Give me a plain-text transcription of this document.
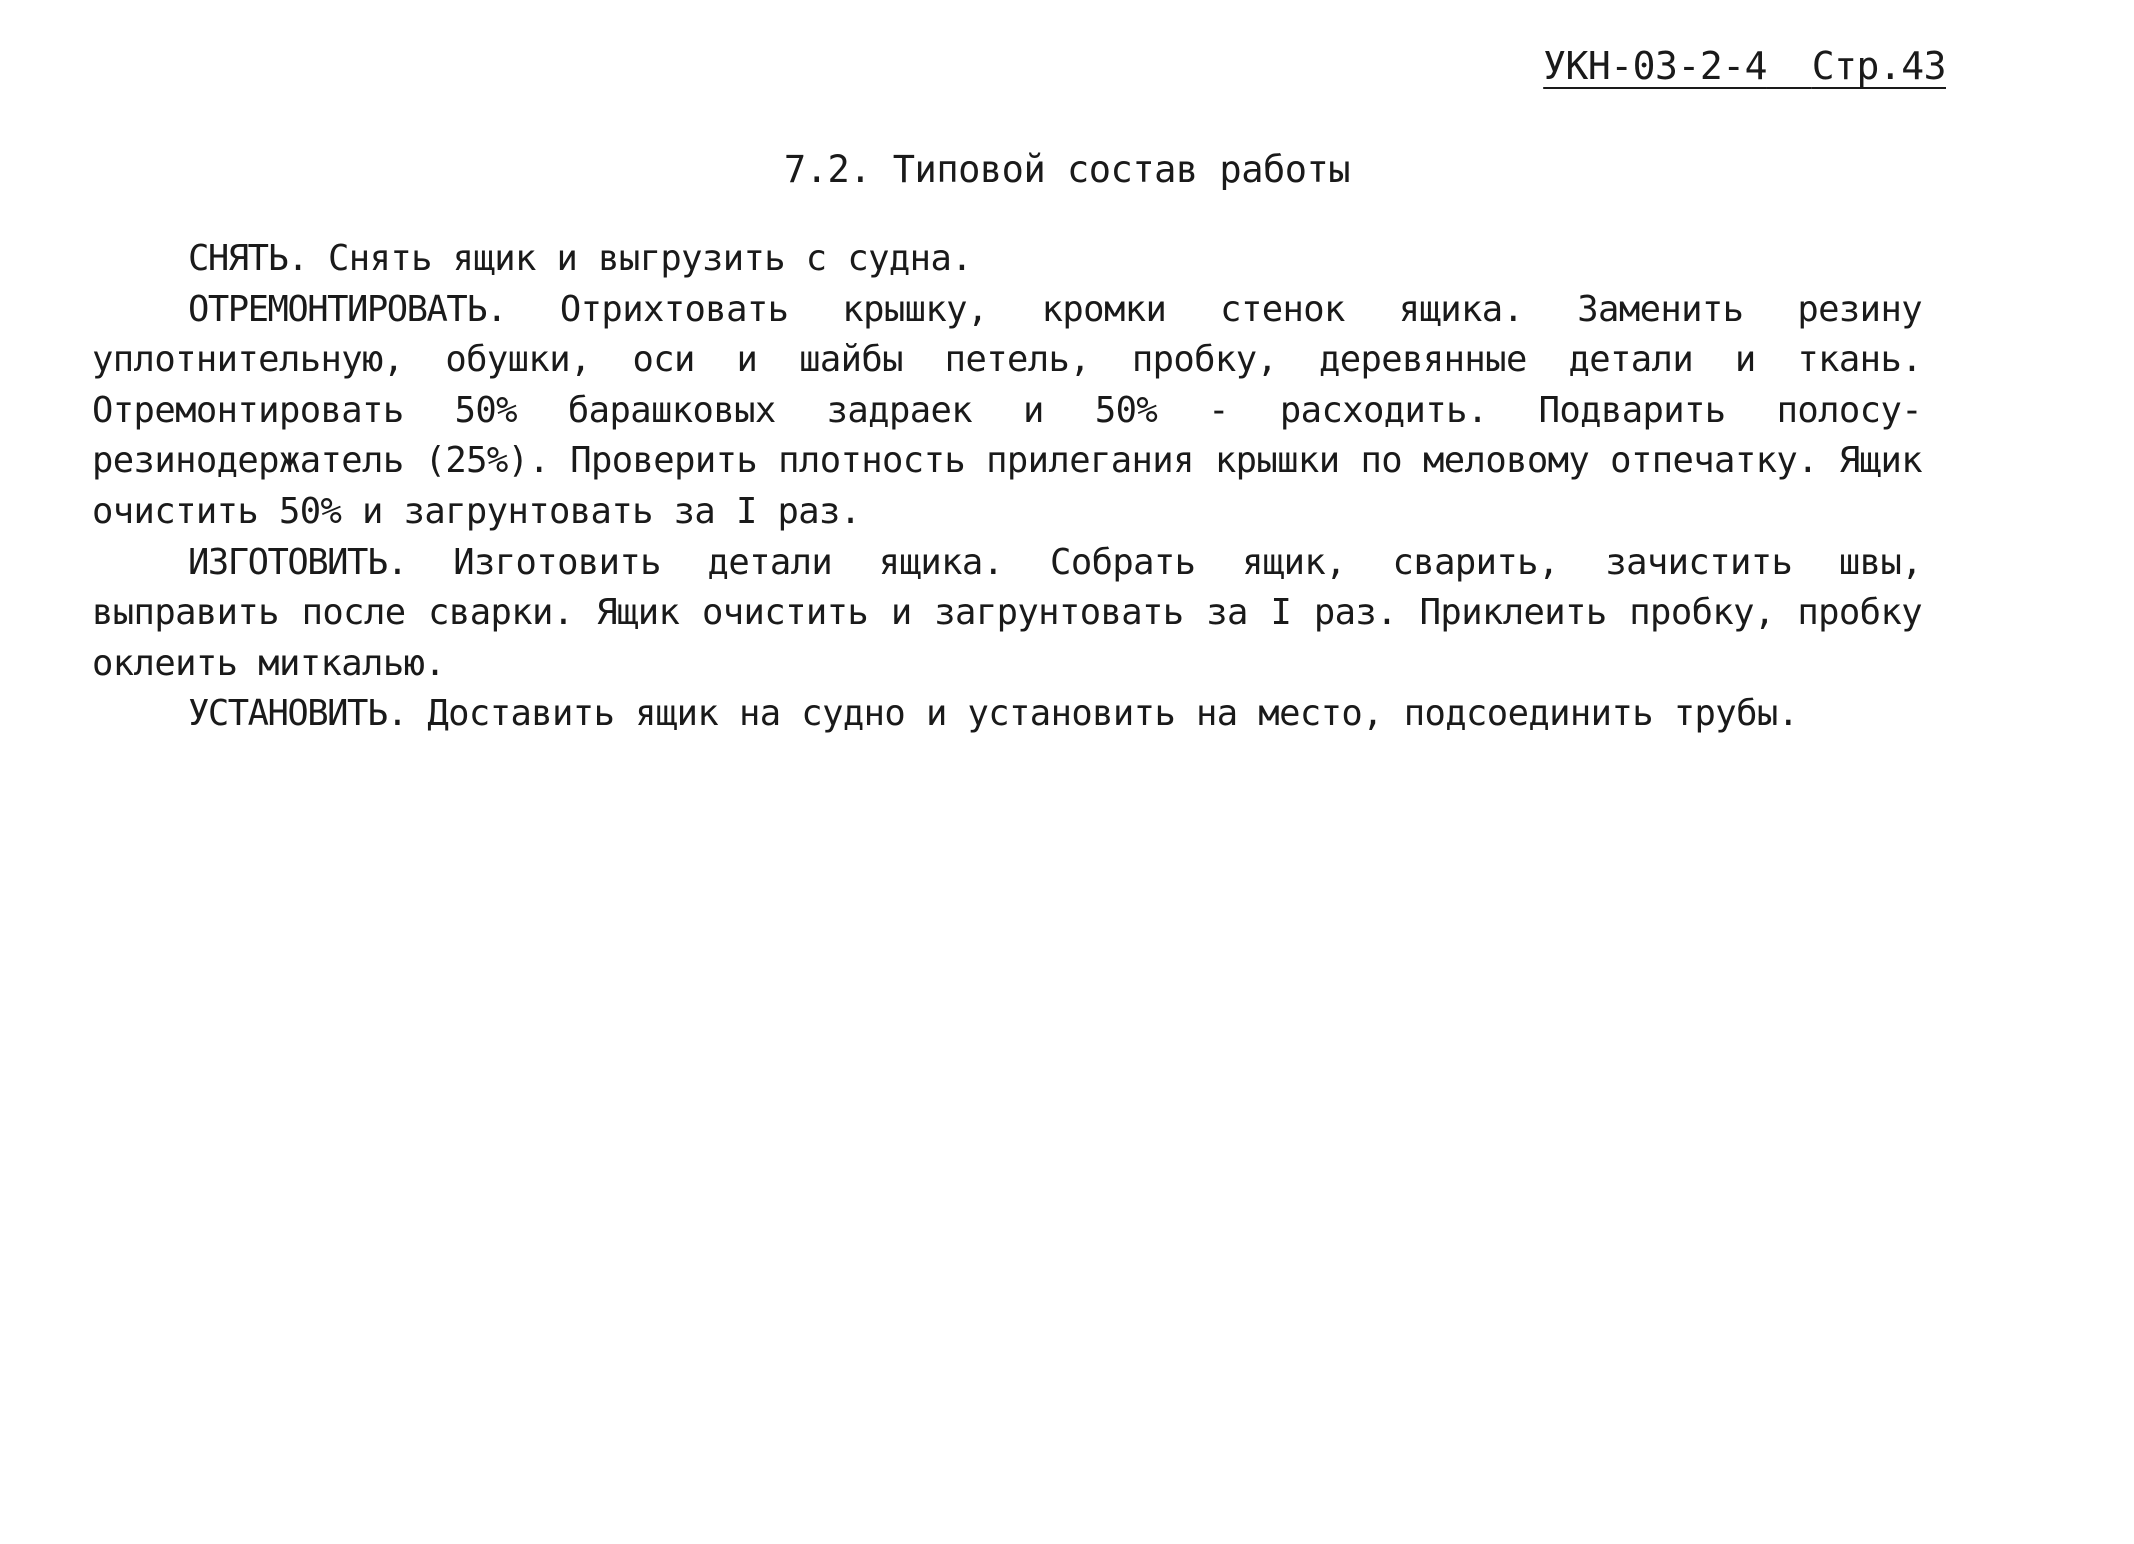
УКН-03-2-4 Стр.43
7.2. Типовой состав работы

СНЯТЬ. Снять ящик и выгрузить с судна.

ОТРЕМОНТИРОВАТЬ. Отрихтовать крышку, кромки стенок ящика. Заменить резину уплотнительную, обушки, оси и шайбы петель, пробку, деревянные детали и ткань. Отремонтировать 50% барашковых задраек и 50% - расходить. Подварить полосу-резинодержатель (25%). Проверить плотность прилегания крышки по меловому отпечатку. Ящик очистить 50% и загрунтовать за I раз.

ИЗГОТОВИТЬ. Изготовить детали ящика. Собрать ящик, сварить, зачистить швы, выправить после сварки. Ящик очистить и загрунтовать за I раз. Приклеить пробку, пробку оклеить миткалью.

УСТАНОВИТЬ. Доставить ящик на судно и установить на место, подсоединить трубы.
